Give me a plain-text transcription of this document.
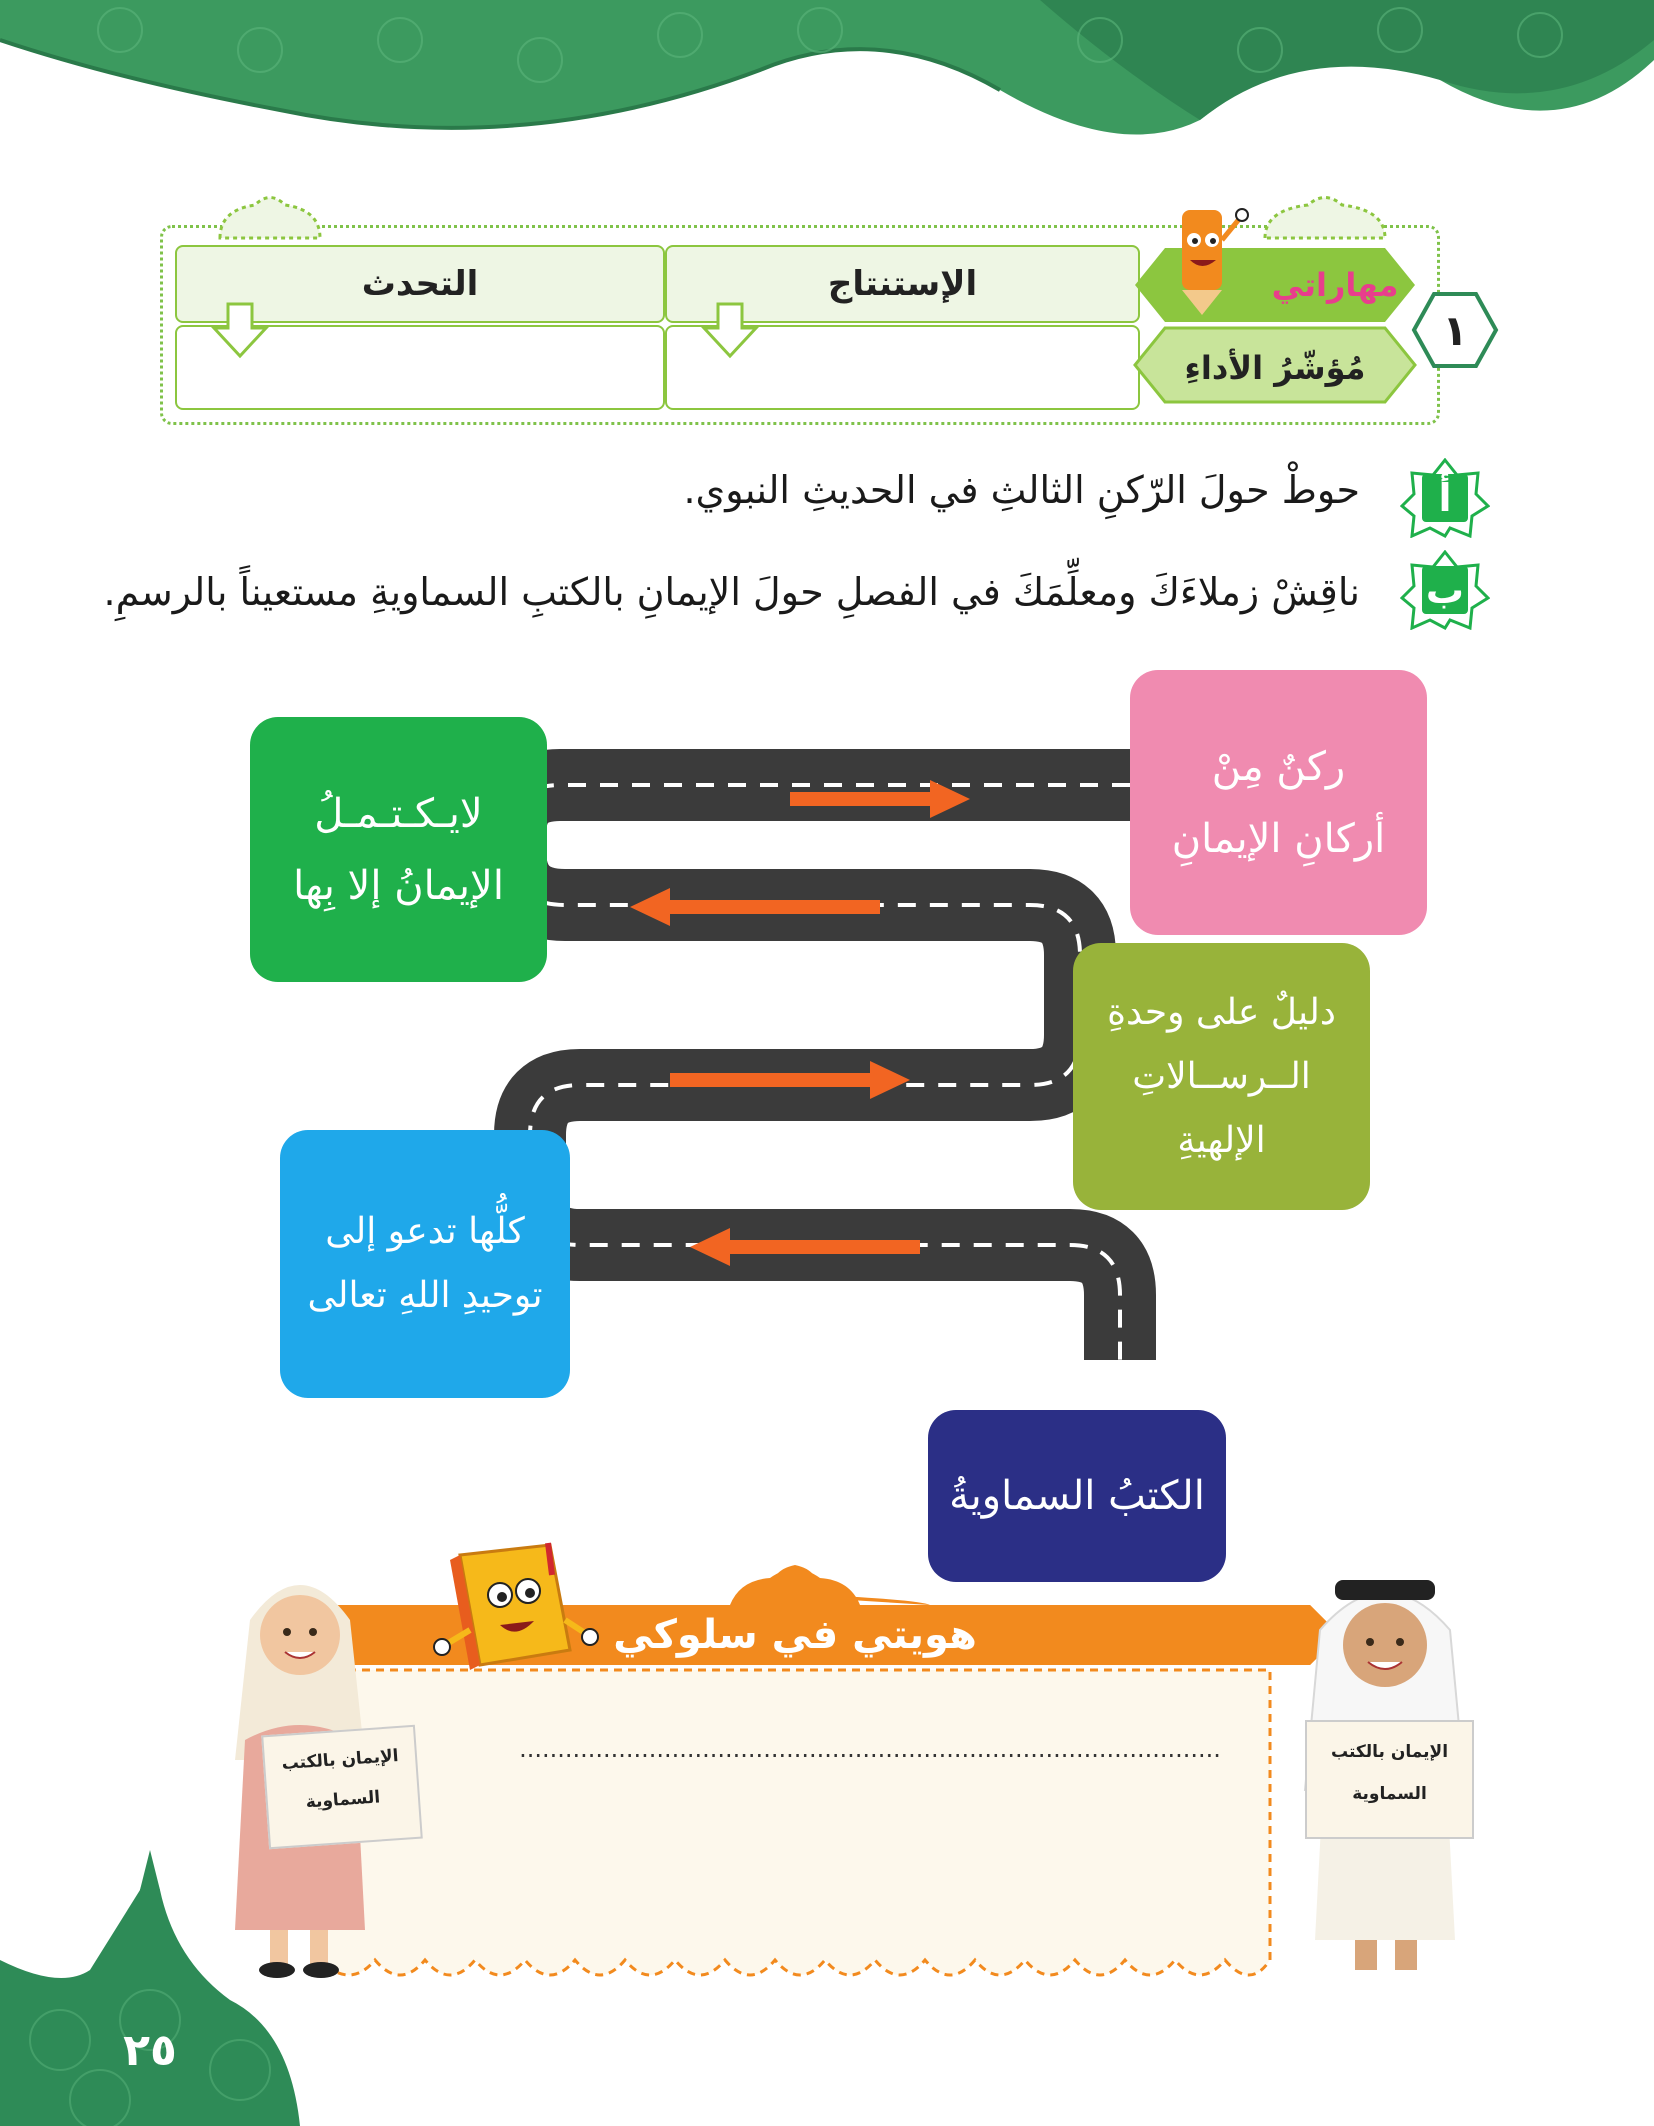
الإستنتاج
التحدث	مهاراتي
مُؤشّرُ الأداءِ
١
أ
حوطْ حولَ الرّكنِ الثالثِ في الحديثِ النبوي.
ب
ناقِشْ زملاءَكَ ومعلِّمَكَ في الفصلِ حولَ الإيمانِ بالكتبِ السماويةِ مستعيناً بالرسمِ.
ركنٌ مِنْ
أركانِ الإيمانِ
لايـكـتـمـلُ
الإيمانُ إلا بِها
دليلٌ على وحدةِ
الــرســالاتِ
الإلهيةِ
كلُّها تدعو إلى
توحيدِ اللهِ تعالى
الكتبُ السماويةُ
هويتي في سلوكي
............................................................................................
الإيمان بالكتب
السماوية
الإيمان بالكتب
السماوية
٢٥
